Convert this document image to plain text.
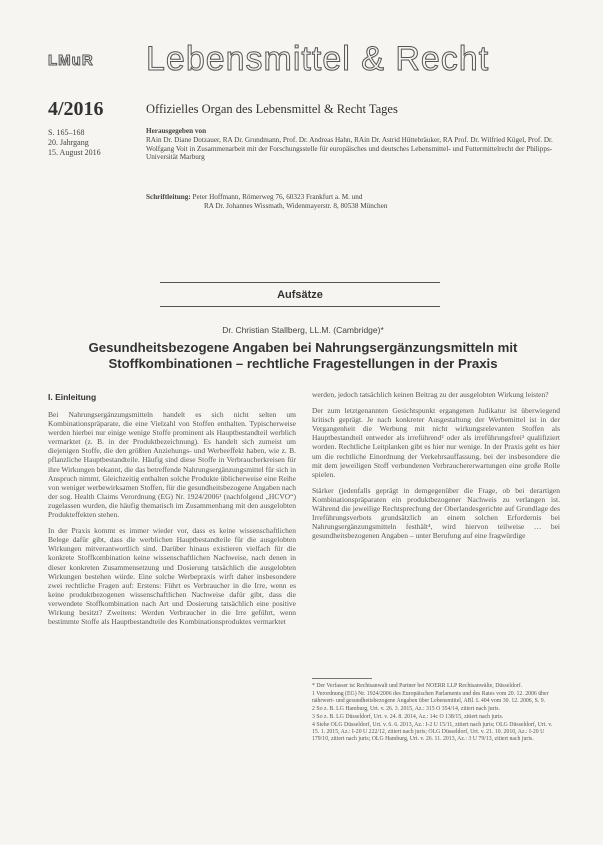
LMuR Lebensmittel & Recht
4/2016
S. 165–168
20. Jahrgang
15. August 2016
Offizielles Organ des Lebensmittel & Recht Tages
Herausgegeben von
RAin Dr. Diane Dotzauer, RA Dr. Grundmann, Prof. Dr. Andreas Hahn, RAin Dr. Astrid Hüttebräuker, RA Prof. Dr. Wilfried Kügel, Prof. Dr. Wolfgang Voit in Zusammenarbeit mit der Forschungsstelle für europäisches und deutsches Lebensmittel- und Futtermittelrecht der Philipps-Universität Marburg
Schriftleitung: Peter Hoffmann, Römerweg 76, 60323 Frankfurt a. M. und
RA Dr. Johannes Wissmath, Widenmayerstr. 8, 80538 München
Aufsätze
Dr. Christian Stallberg, LL.M. (Cambridge)*
Gesundheitsbezogene Angaben bei Nahrungsergänzungsmitteln mit Stoffkombinationen – rechtliche Fragestellungen in der Praxis
I. Einleitung

Bei Nahrungsergänzungsmitteln handelt es sich nicht selten um Kombinationspräparate, die eine Vielzahl von Stoffen enthalten. Typischerweise werden hierbei nur einige wenige Stoffe prominent als Hauptbestandteil werblich vermarktet (z. B. in der Produktbezeichnung). Es handelt sich zumeist um diejenigen Stoffe, die den größten Anziehungs- und Werbeeffekt haben, wie z. B. pflanzliche Hauptbestandteile. Häufig sind diese Stoffe in Verbraucherkreisen für ihre Wirkungen bekannt, die das betreffende Nahrungsergänzungsmittel für sich in Anspruch nimmt. Gleichzeitig enthalten solche Produkte üblicherweise eine Reihe von weniger werbewirksamen Stoffen, für die gesundheitsbezogene Angaben nach der sog. Health Claims Verordnung (EG) Nr. 1924/2006¹ (nachfolgend „HCVO“) zugelassen wurden, die häufig thematisch im Zusammenhang mit den ausgelobten Produkteffekten stehen.

In der Praxis kommt es immer wieder vor, dass es keine wissenschaftlichen Belege dafür gibt, dass die werblichen Hauptbestandteile für die ausgelobten Wirkungen mitverantwortlich sind. Darüber hinaus existieren vielfach für die konkrete Stoffkombination keine wissenschaftlichen Nachweise, nach denen in dieser konkreten Zusammensetzung und Dosierung tatsächlich die ausgelobten Wirkungen bestehen würde. Eine solche Werbepraxis wirft daher insbesondere zwei rechtliche Fragen auf: Erstens: Führt es Verbraucher in die Irre, wenn es keine produktbezogenen wissenschaftlichen Nachweise dafür gibt, dass die verwendete Stoffkombination nach Art und Dosierung tatsächlich eine positive Wirkung besitzt? Zweitens: Werden Verbraucher in die Irre geführt, wenn bestimmte Stoffe als Hauptbestandteile des Kombinationsproduktes vermarktet

werden, jedoch tatsächlich keinen Beitrag zu der ausgelobten Wirkung leisten?

Der zum letztgenannten Gesichtspunkt ergangenen Judikatur ist überwiegend kritisch geprägt. Je nach konkreter Ausgestaltung der Werbemittel ist in der Vergangenheit die Werbung mit nicht wirkungsrelevanten Stoffen als Hauptbestandteil entweder als irreführend² oder als irreführungsfrei³ qualifiziert worden. Rechtliche Leitplanken gibt es hier nur wenige. In der Praxis geht es hier um die rechtliche Einordnung der Verkehrsauffassung, bei der insbesondere die mit dem jeweiligen Stoff verbundenen Verbrauchererwartungen eine große Rolle spielen.

Stärker (jedenfalls geprägt in demgegenüber die Frage, ob bei derartigen Kombinationspräparaten ein produktbezogener Nachweis zu verlangen ist. Während die jeweilige Rechtsprechung der Oberlandesgerichte auf Grundlage des Irreführungsverbots grundsätzlich an einem solchen Erfordernis bei Nahrungsergänzungsmitteln festhält⁴, wird hiervon teilweise … bei gesundheitsbezogenen Angaben – unter Berufung auf eine fragwürdige

* Der Verfasser ist Rechtsanwalt und Partner bei NOERR LLP Rechtsanwälte, Düsseldorf.
1 Verordnung (EG) Nr. 1924/2006 des Europäischen Parlaments und des Rates vom 20. 12. 2006 über nährwert- und gesundheitsbezogene Angaben über Lebensmittel, ABl. L 404 vom 30. 12. 2006, S. 9.
2 So z. B. LG Hamburg, Urt. v. 26. 3. 2015, Az.: 315 O 354/14, zitiert nach juris.
3 So z. B. LG Düsseldorf, Urt. v. 24. 8. 2014, Az.: 14c O 138/15, zitiert nach juris.
4 Siehe OLG Düsseldorf, Urt. v. 6. 6. 2013, Az.: I-2 U 15/11, zitiert nach juris; OLG Düsseldorf, Urt. v. 15. 1. 2015, Az.: I-20 U 222/12, zitiert nach juris; OLG Düsseldorf, Urt. v. 21. 10. 2010, Az.: I-20 U 179/10, zitiert nach juris; OLG Hamburg, Urt. v. 26. 11. 2013, Az.: 3 U 79/13, zitiert nach juris.
